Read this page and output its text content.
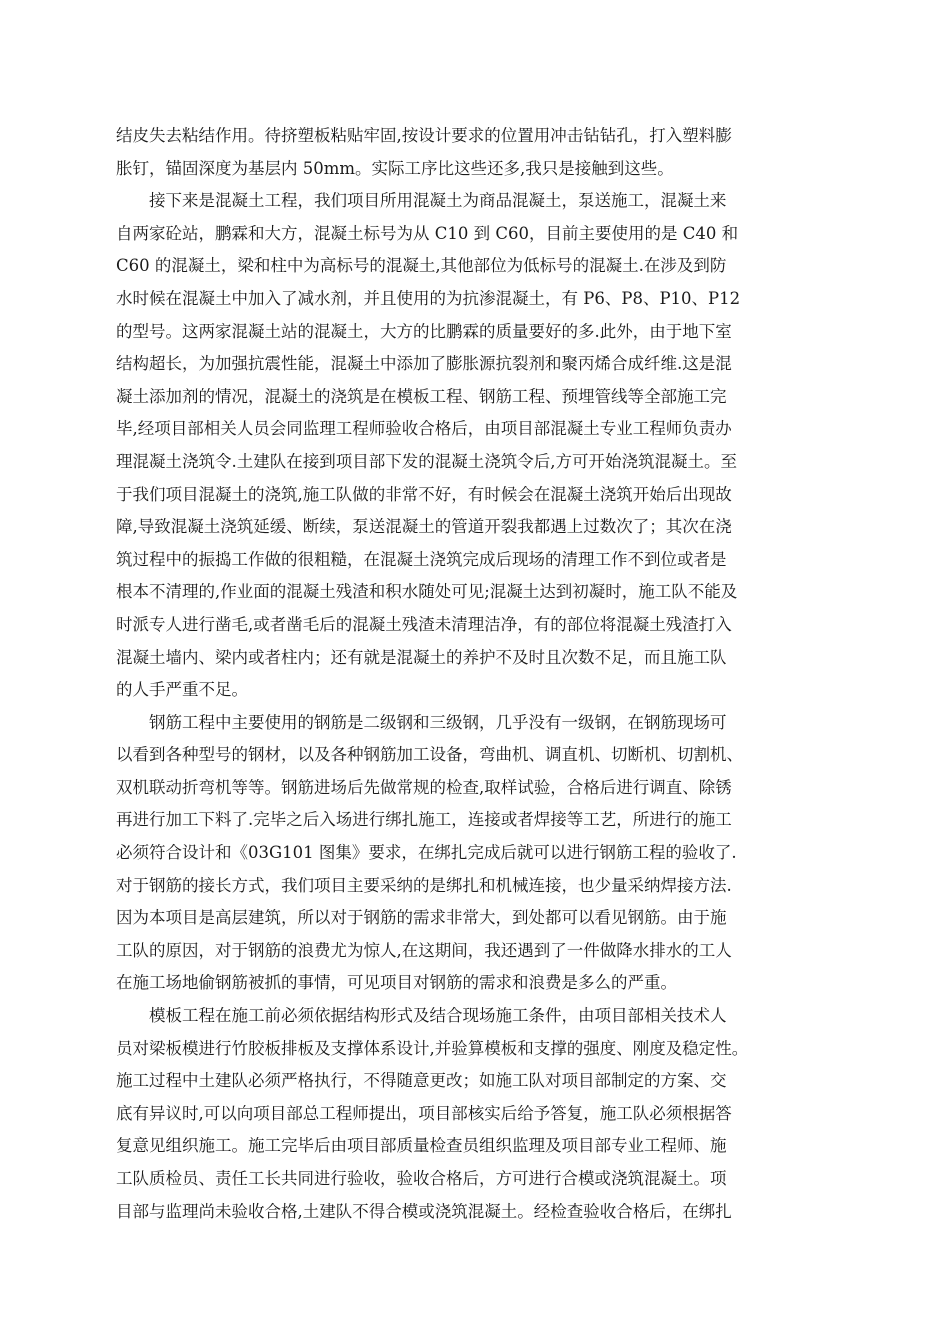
结皮失去粘结作用。待挤塑板粘贴牢固,按设计要求的位置用冲击钻钻孔，打入塑料膨
胀钉，锚固深度为基层内 50mm。实际工序比这些还多,我只是接触到这些。
接下来是混凝土工程，我们项目所用混凝土为商品混凝土，泵送施工，混凝土来
自两家砼站，鹏霖和大方，混凝土标号为从 C10 到 C60，目前主要使用的是 C40 和
C60 的混凝土，梁和柱中为高标号的混凝土,其他部位为低标号的混凝土.在涉及到防
水时候在混凝土中加入了减水剂，并且使用的为抗渗混凝土，有 P6、P8、P10、P12
的型号。这两家混凝土站的混凝土，大方的比鹏霖的质量要好的多.此外，由于地下室
结构超长，为加强抗震性能，混凝土中添加了膨胀源抗裂剂和聚丙烯合成纤维.这是混
凝土添加剂的情况，混凝土的浇筑是在模板工程、钢筋工程、预埋管线等全部施工完
毕,经项目部相关人员会同监理工程师验收合格后，由项目部混凝土专业工程师负责办
理混凝土浇筑令.土建队在接到项目部下发的混凝土浇筑令后,方可开始浇筑混凝土。至
于我们项目混凝土的浇筑,施工队做的非常不好，有时候会在混凝土浇筑开始后出现故
障,导致混凝土浇筑延缓、断续，泵送混凝土的管道开裂我都遇上过数次了；其次在浇
筑过程中的振捣工作做的很粗糙，在混凝土浇筑完成后现场的清理工作不到位或者是
根本不清理的,作业面的混凝土残渣和积水随处可见;混凝土达到初凝时，施工队不能及
时派专人进行凿毛,或者凿毛后的混凝土残渣未清理洁净，有的部位将混凝土残渣打入
混凝土墙内、梁内或者柱内；还有就是混凝土的养护不及时且次数不足，而且施工队
的人手严重不足。
钢筋工程中主要使用的钢筋是二级钢和三级钢，几乎没有一级钢，在钢筋现场可
以看到各种型号的钢材，以及各种钢筋加工设备，弯曲机、调直机、切断机、切割机、
双机联动折弯机等等。钢筋进场后先做常规的检查,取样试验，合格后进行调直、除锈
再进行加工下料了.完毕之后入场进行绑扎施工，连接或者焊接等工艺，所进行的施工
必须符合设计和《03G101 图集》要求，在绑扎完成后就可以进行钢筋工程的验收了.
对于钢筋的接长方式，我们项目主要采纳的是绑扎和机械连接，也少量采纳焊接方法.
因为本项目是高层建筑，所以对于钢筋的需求非常大，到处都可以看见钢筋。由于施
工队的原因，对于钢筋的浪费尤为惊人,在这期间，我还遇到了一件做降水排水的工人
在施工场地偷钢筋被抓的事情，可见项目对钢筋的需求和浪费是多么的严重。
模板工程在施工前必须依据结构形式及结合现场施工条件，由项目部相关技术人
员对梁板模进行竹胶板排板及支撑体系设计,并验算模板和支撑的强度、刚度及稳定性。
施工过程中土建队必须严格执行，不得随意更改；如施工队对项目部制定的方案、交
底有异议时,可以向项目部总工程师提出，项目部核实后给予答复，施工队必须根据答
复意见组织施工。施工完毕后由项目部质量检查员组织监理及项目部专业工程师、施
工队质检员、责任工长共同进行验收，验收合格后，方可进行合模或浇筑混凝土。项
目部与监理尚未验收合格,土建队不得合模或浇筑混凝土。经检查验收合格后，在绑扎
